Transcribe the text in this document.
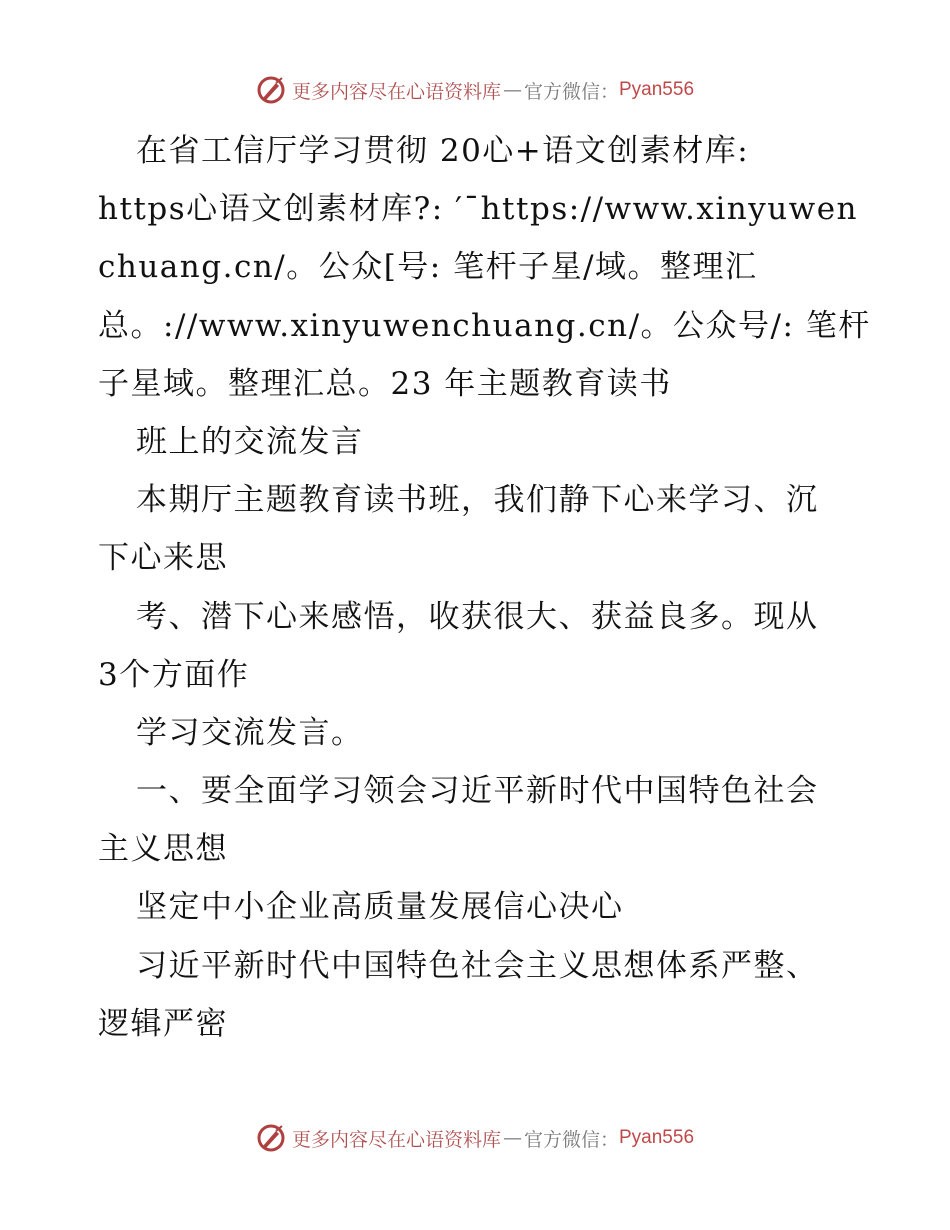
更多内容尽在心语资料库 — 官方微信： Pyan556
在省工信厅学习贯彻 20心+语文创素材库:
https心语文创素材库?: ′¯https://www.xinyuwen
chuang.cn/。公众[号: 笔杆子星/域。整理汇
总。://www.xinyuwenchuang.cn/。公众号/: 笔杆
子星域。整理汇总。23 年主题教育读书
班上的交流发言
本期厅主题教育读书班，我们静下心来学习、沉
下心来思
考、潜下心来感悟，收获很大、获益良多。现从
3个方面作
学习交流发言。
一、要全面学习领会习近平新时代中国特色社会
主义思想
坚定中小企业高质量发展信心决心
习近平新时代中国特色社会主义思想体系严整、
逻辑严密
更多内容尽在心语资料库 — 官方微信： Pyan556
